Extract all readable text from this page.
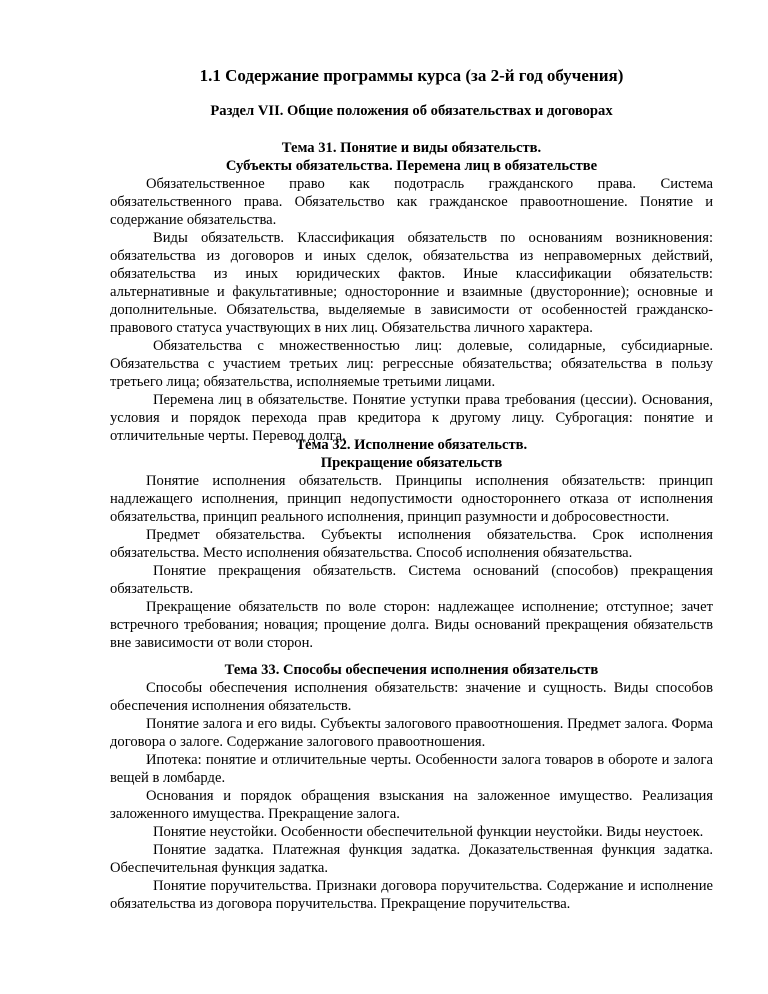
1.1 Содержание программы курса (за 2-й год обучения)
Раздел VII. Общие положения об обязательствах и договорах
Тема 31. Понятие и виды обязательств.
Субъекты обязательства. Перемена лиц в обязательстве

Обязательственное право как подотрасль гражданского права. Система обязательственного права. Обязательство как гражданское правоотношение. Понятие и содержание обязательства.

Виды обязательств. Классификация обязательств по основаниям возникновения: обязательства из договоров и иных сделок, обязательства из неправомерных действий, обязательства из иных юридических фактов. Иные классификации обязательств: альтернативные и факультативные; односторонние и взаимные (двусторонние); основные и дополнительные. Обязательства, выделяемые в зависимости от особенностей гражданско-правового статуса участвующих в них лиц. Обязательства личного характера.

Обязательства с множественностью лиц: долевые, солидарные, субсидиарные. Обязательства с участием третьих лиц: регрессные обязательства; обязательства в пользу третьего лица; обязательства, исполняемые третьими лицами.

Перемена лиц в обязательстве. Понятие уступки права требования (цессии). Основания, условия и порядок перехода прав кредитора к другому лицу. Суброгация: понятие и отличительные черты. Перевод долга.

Тема 32. Исполнение обязательств.
Прекращение обязательств

Понятие исполнения обязательств. Принципы исполнения обязательств: принцип надлежащего исполнения, принцип недопустимости одностороннего отказа от исполнения обязательства, принцип реального исполнения, принцип разумности и добросовестности.

Предмет обязательства. Субъекты исполнения обязательства. Срок исполнения обязательства. Место исполнения обязательства. Способ исполнения обязательства.

Понятие прекращения обязательств. Система оснований (способов) прекращения обязательств.

Прекращение обязательств по воле сторон: надлежащее исполнение; отступное; зачет встречного требования; новация; прощение долга. Виды оснований прекращения обязательств вне зависимости от воли сторон.

Тема 33. Способы обеспечения исполнения обязательств

Способы обеспечения исполнения обязательств: значение и сущность. Виды способов обеспечения исполнения обязательств.

Понятие залога и его виды. Субъекты залогового правоотношения. Предмет залога. Форма договора о залоге. Содержание залогового правоотношения.

Ипотека: понятие и отличительные черты. Особенности залога товаров в обороте и залога вещей в ломбарде.

Основания и порядок обращения взыскания на заложенное имущество. Реализация заложенного имущества. Прекращение залога.

Понятие неустойки. Особенности обеспечительной функции неустойки. Виды неустоек.

Понятие задатка. Платежная функция задатка. Доказательственная функция задатка. Обеспечительная функция задатка.

Понятие поручительства. Признаки договора поручительства. Содержание и исполнение обязательства из договора поручительства. Прекращение поручительства.
